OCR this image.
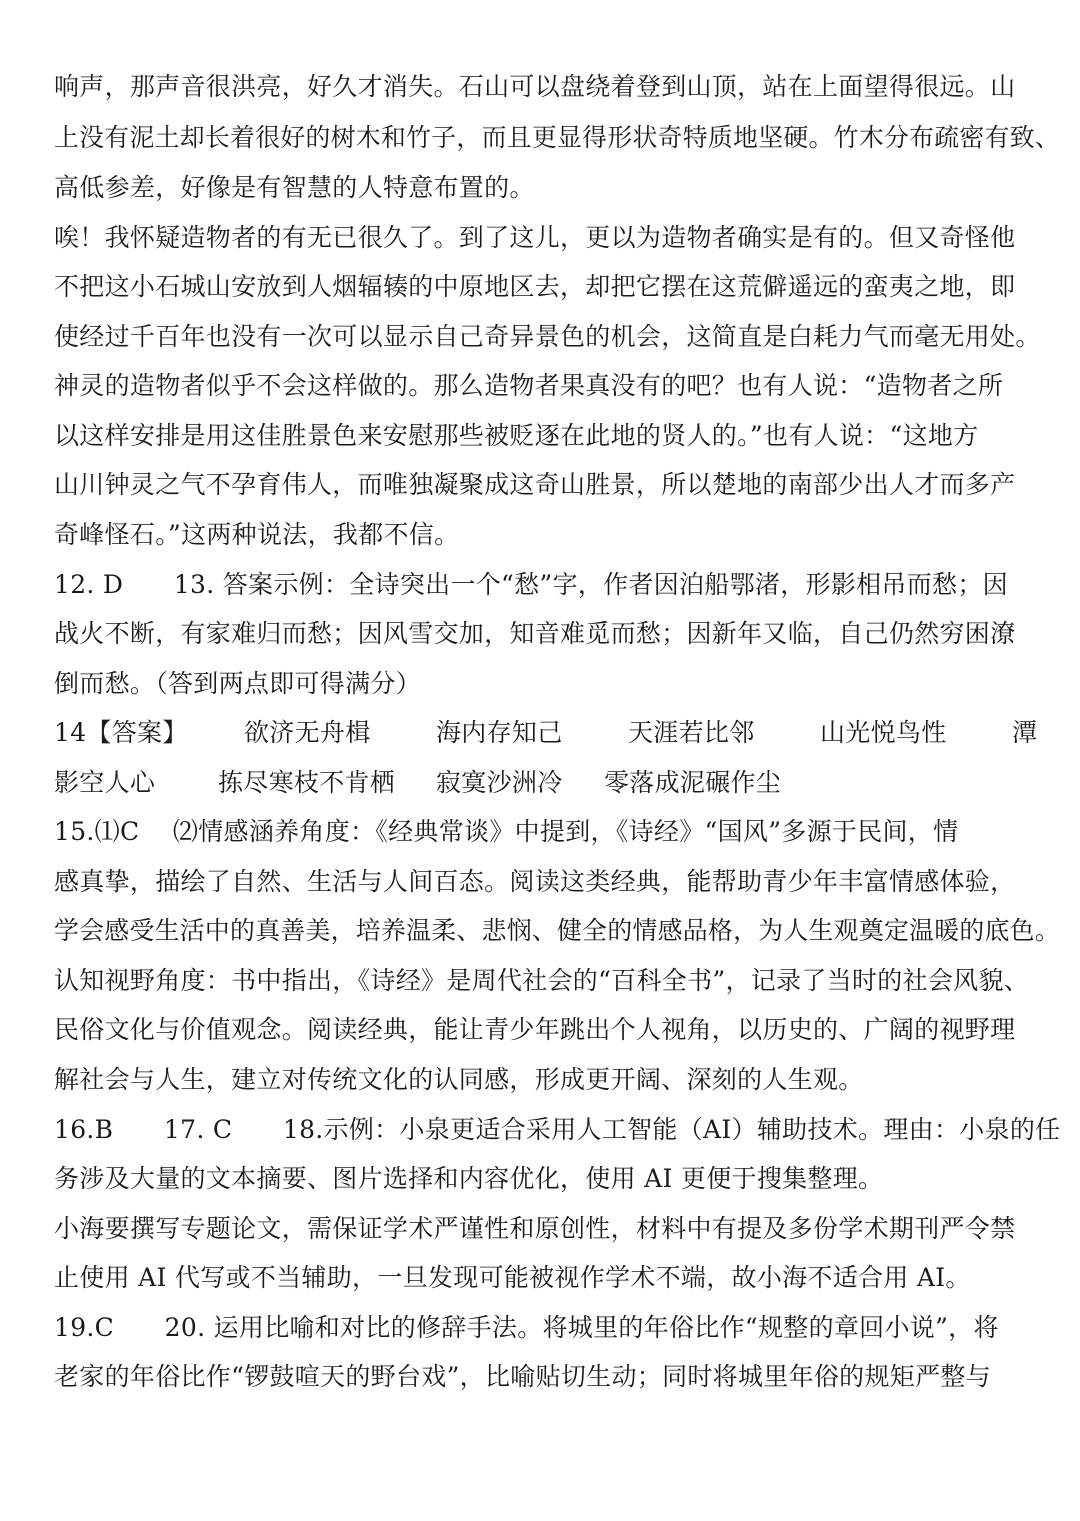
响声，那声音很洪亮，好久才消失。石山可以盘绕着登到山顶，站在上面望得很远。山
上没有泥土却长着很好的树木和竹子，而且更显得形状奇特质地坚硬。竹木分布疏密有致、
高低参差，好像是有智慧的人特意布置的。
唉！我怀疑造物者的有无已很久了。到了这儿，更以为造物者确实是有的。但又奇怪他
不把这小石城山安放到人烟辐辏的中原地区去，却把它摆在这荒僻遥远的蛮夷之地，即
使经过千百年也没有一次可以显示自己奇异景色的机会，这简直是白耗力气而毫无用处。
神灵的造物者似乎不会这样做的。那么造物者果真没有的吧？也有人说：“造物者之所
以这样安排是用这佳胜景色来安慰那些被贬逐在此地的贤人的。”也有人说：“这地方
山川钟灵之气不孕育伟人，而唯独凝聚成这奇山胜景，所以楚地的南部少出人才而多产
奇峰怪石。”这两种说法，我都不信。
12. D　　13. 答案示例：全诗突出一个“愁”字，作者因泊船鄂渚，形影相吊而愁；因
战火不断，有家难归而愁；因风雪交加，知音难觅而愁；因新年又临，自己仍然穷困潦
倒而愁。（答到两点即可得满分）
14【答案】 欲济无舟楫	海内存知己	天涯若比邻	山光悦鸟性	潭
影空人心	拣尽寒枝不肯栖 寂寞沙洲冷 零落成泥碾作尘
15.⑴C　 ⑵情感涵养角度：《经典常谈》中提到，《诗经》“国风”多源于民间，情
感真挚，描绘了自然、生活与人间百态。阅读这类经典，能帮助青少年丰富情感体验，
学会感受生活中的真善美，培养温柔、悲悯、健全的情感品格，为人生观奠定温暖的底色。
认知视野角度：书中指出，《诗经》是周代社会的“百科全书”，记录了当时的社会风貌、
民俗文化与价值观念。阅读经典，能让青少年跳出个人视角，以历史的、广阔的视野理
解社会与人生，建立对传统文化的认同感，形成更开阔、深刻的人生观。
16.B　　17. C　　18.示例：小泉更适合采用人工智能（AI）辅助技术。理由：小泉的任
务涉及大量的文本摘要、图片选择和内容优化，使用 AI 更便于搜集整理。
小海要撰写专题论文，需保证学术严谨性和原创性，材料中有提及多份学术期刊严令禁
止使用 AI 代写或不当辅助，一旦发现可能被视作学术不端，故小海不适合用 AI。
19.C　　20. 运用比喻和对比的修辞手法。将城里的年俗比作“规整的章回小说”，将
老家的年俗比作“锣鼓喧天的野台戏”，比喻贴切生动；同时将城里年俗的规矩严整与
